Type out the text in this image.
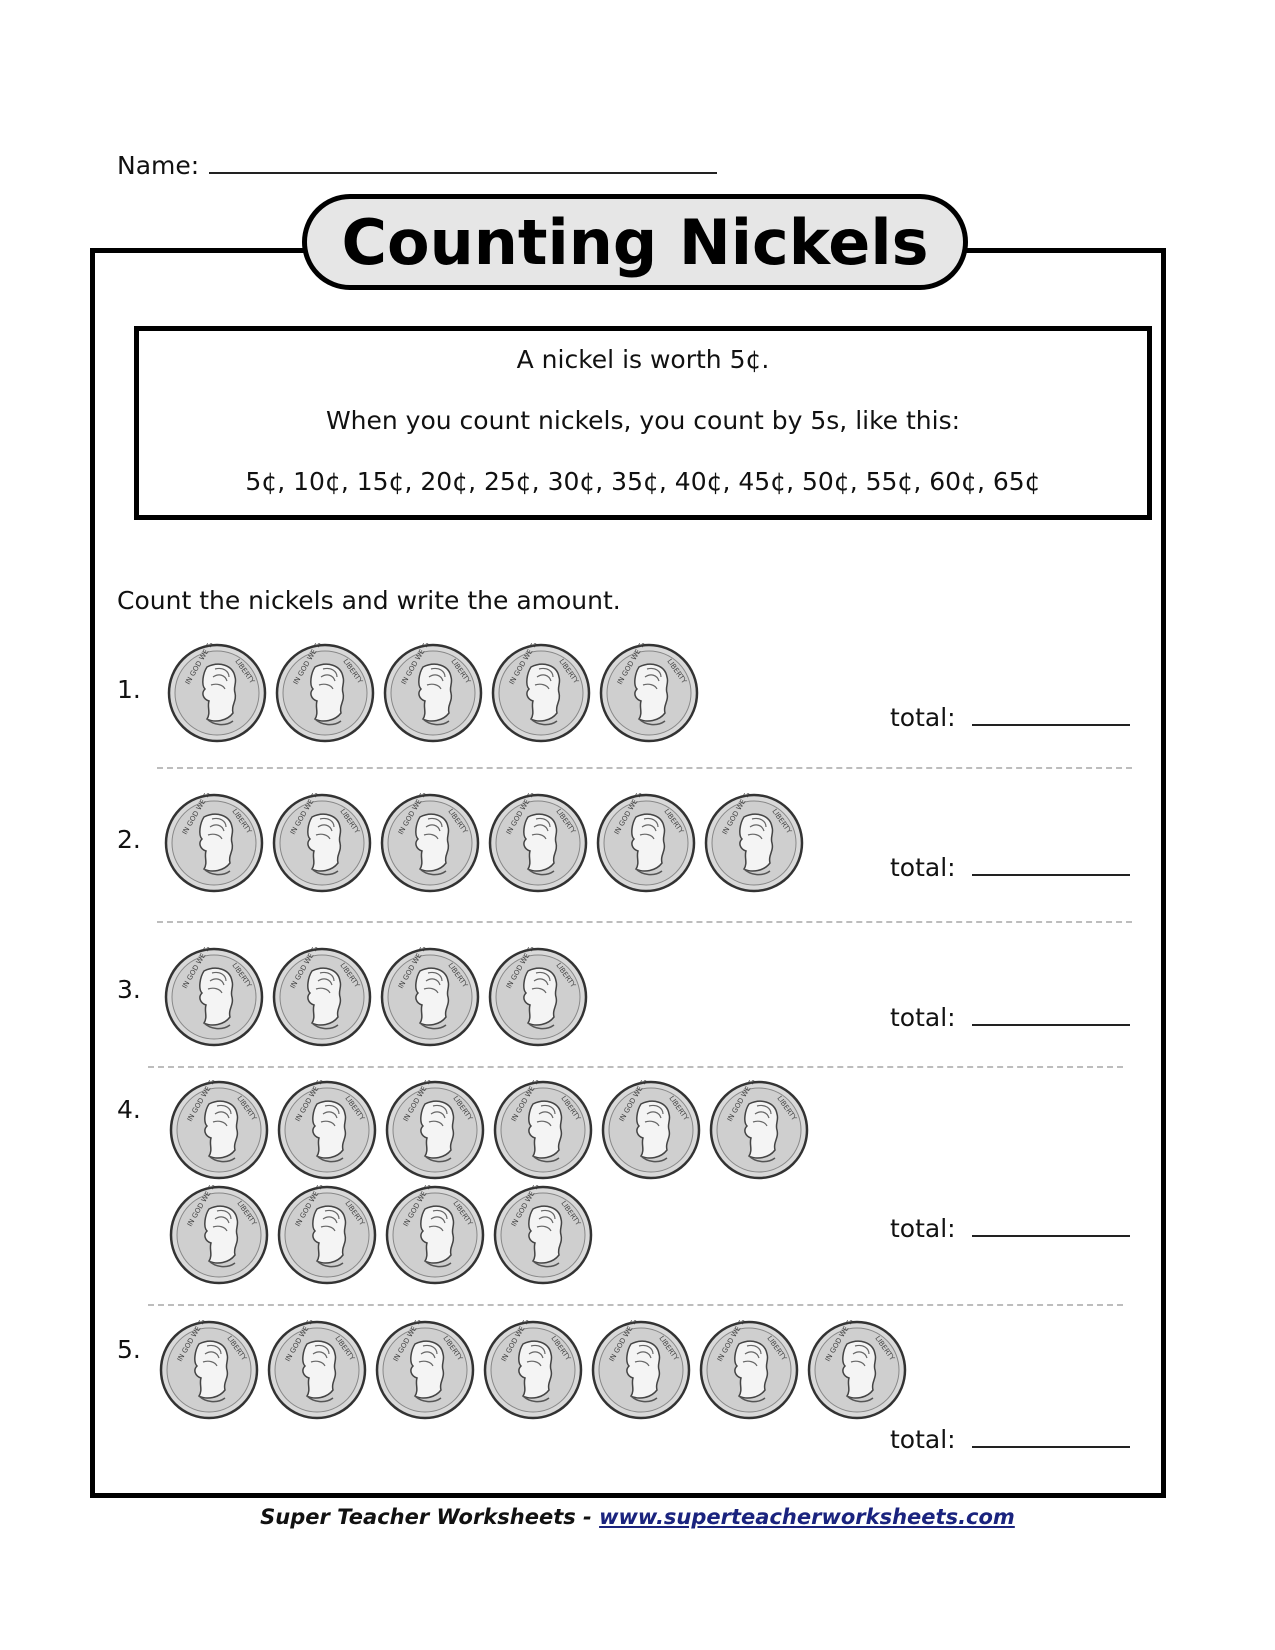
Name:
Counting Nickels
A nickel is worth 5¢.
When you count nickels, you count by 5s, like this:
5¢, 10¢, 15¢, 20¢, 25¢, 30¢, 35¢, 40¢, 45¢, 50¢, 55¢, 60¢, 65¢
Count the nickels and write the amount.
1.
total:
2.
total:
3.
total:
4.
total:
5.
total:
Super Teacher Worksheets - www.superteacherworksheets.com
